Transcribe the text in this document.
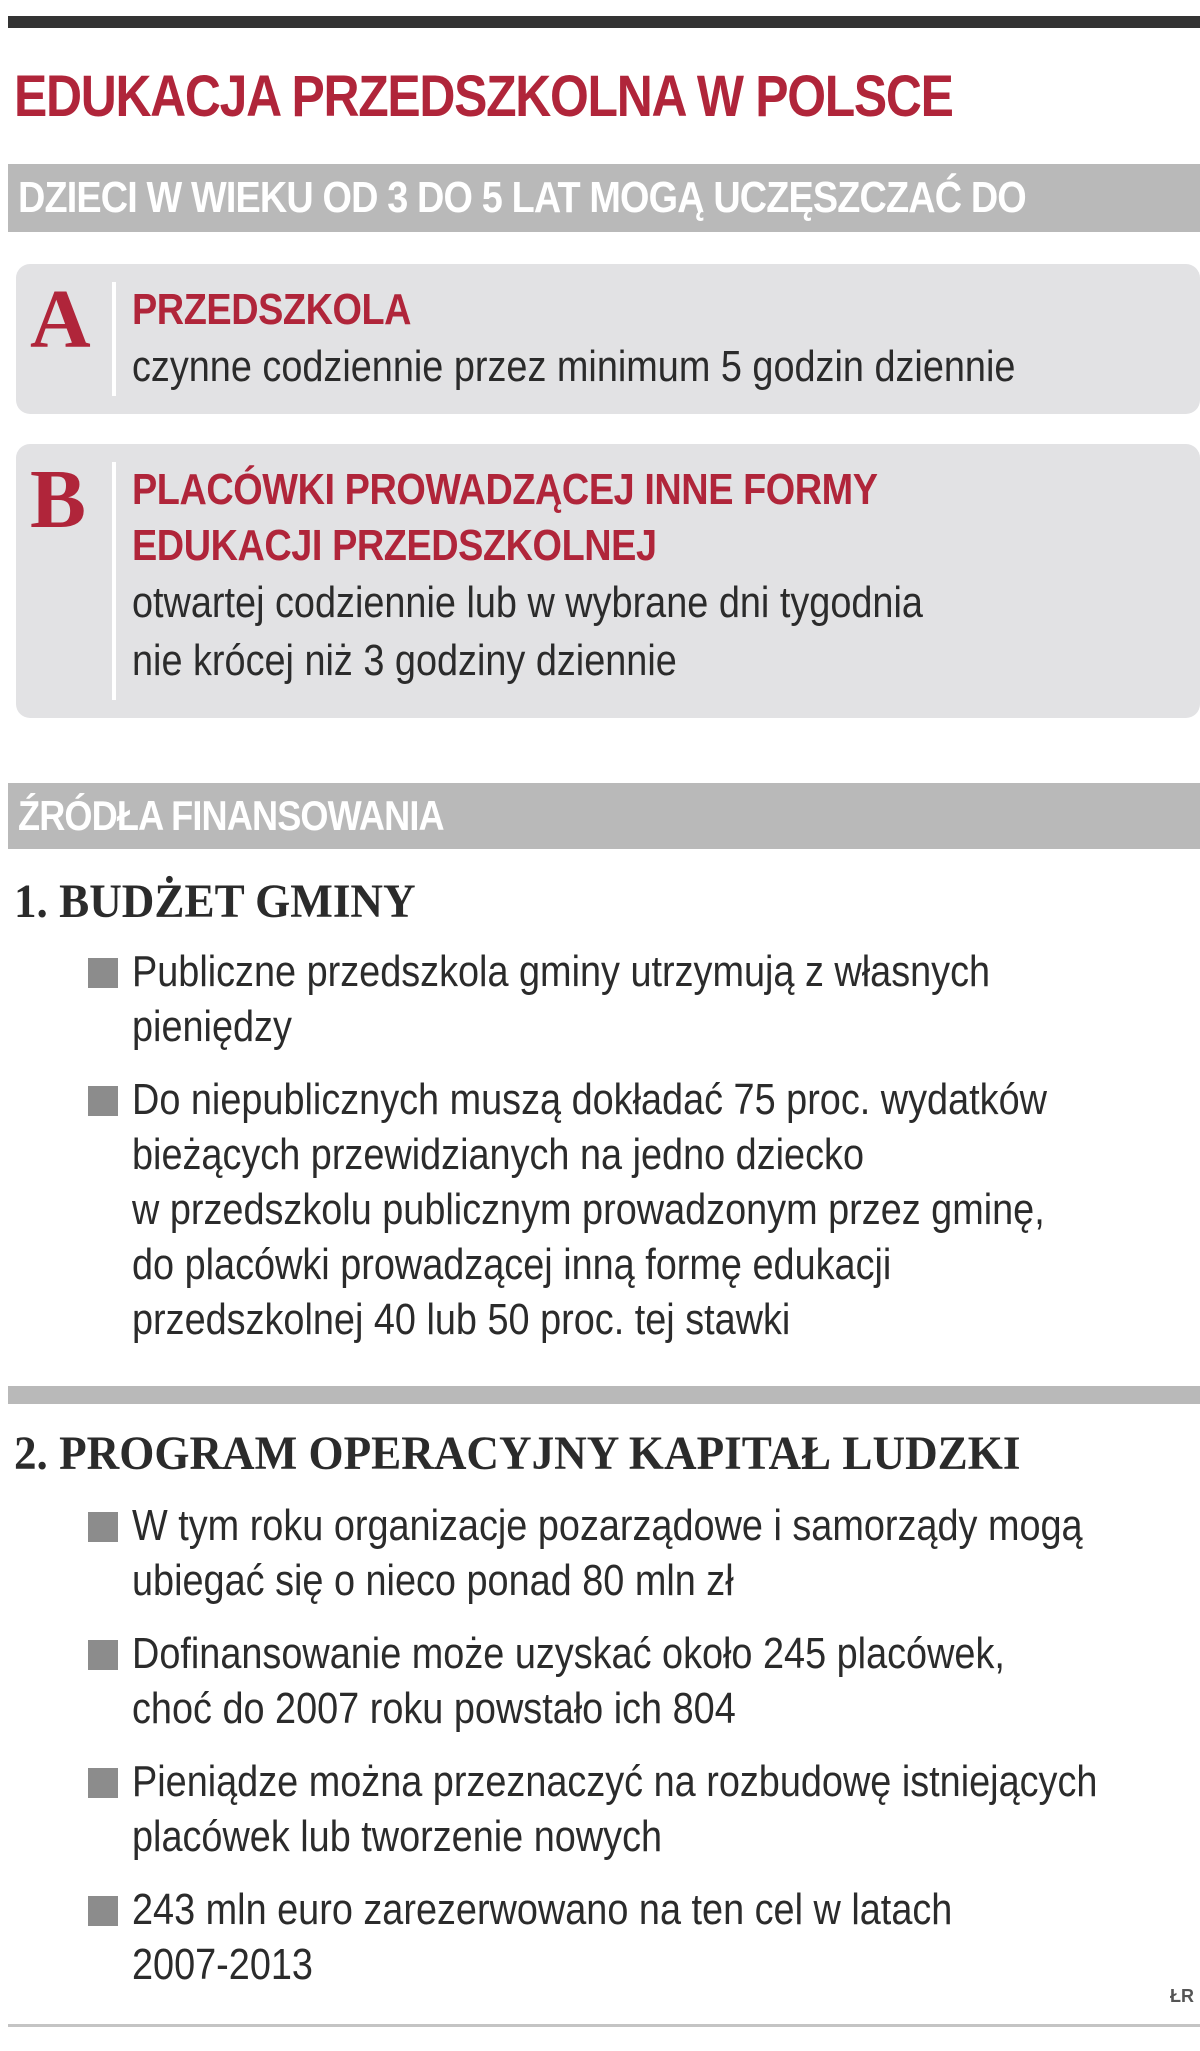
EDUKACJA PRZEDSZKOLNA W POLSCE
DZIECI W WIEKU OD 3 DO 5 LAT MOGĄ UCZĘSZCZAĆ DO
A PRZEDSZKOLA
czynne codziennie przez minimum 5 godzin dziennie
B	PLACÓWKI PROWADZĄCEJ INNE FORMY
EDUKACJI PRZEDSZKOLNEJ
otwartej codziennie lub w wybrane dni tygodnia
nie krócej niż 3 godziny dziennie
ŹRÓDŁA FINANSOWANIA
1. BUDŻET GMINY
Publiczne przedszkola gminy utrzymują z własnych
pieniędzy
Do niepublicznych muszą dokładać 75 proc. wydatków
bieżących przewidzianych na jedno dziecko
w przedszkolu publicznym prowadzonym przez gminę,
do placówki prowadzącej inną formę edukacji
przedszkolnej 40 lub 50 proc. tej stawki
2. PROGRAM OPERACYJNY KAPITAŁ LUDZKI
W tym roku organizacje pozarządowe i samorządy mogą
ubiegać się o nieco ponad 80 mln zł
Dofinansowanie może uzyskać około 245 placówek,
choć do 2007 roku powstało ich 804
Pieniądze można przeznaczyć na rozbudowę istniejących
placówek lub tworzenie nowych
243 mln euro zarezerwowano na ten cel w latach
2007-2013
ŁR
